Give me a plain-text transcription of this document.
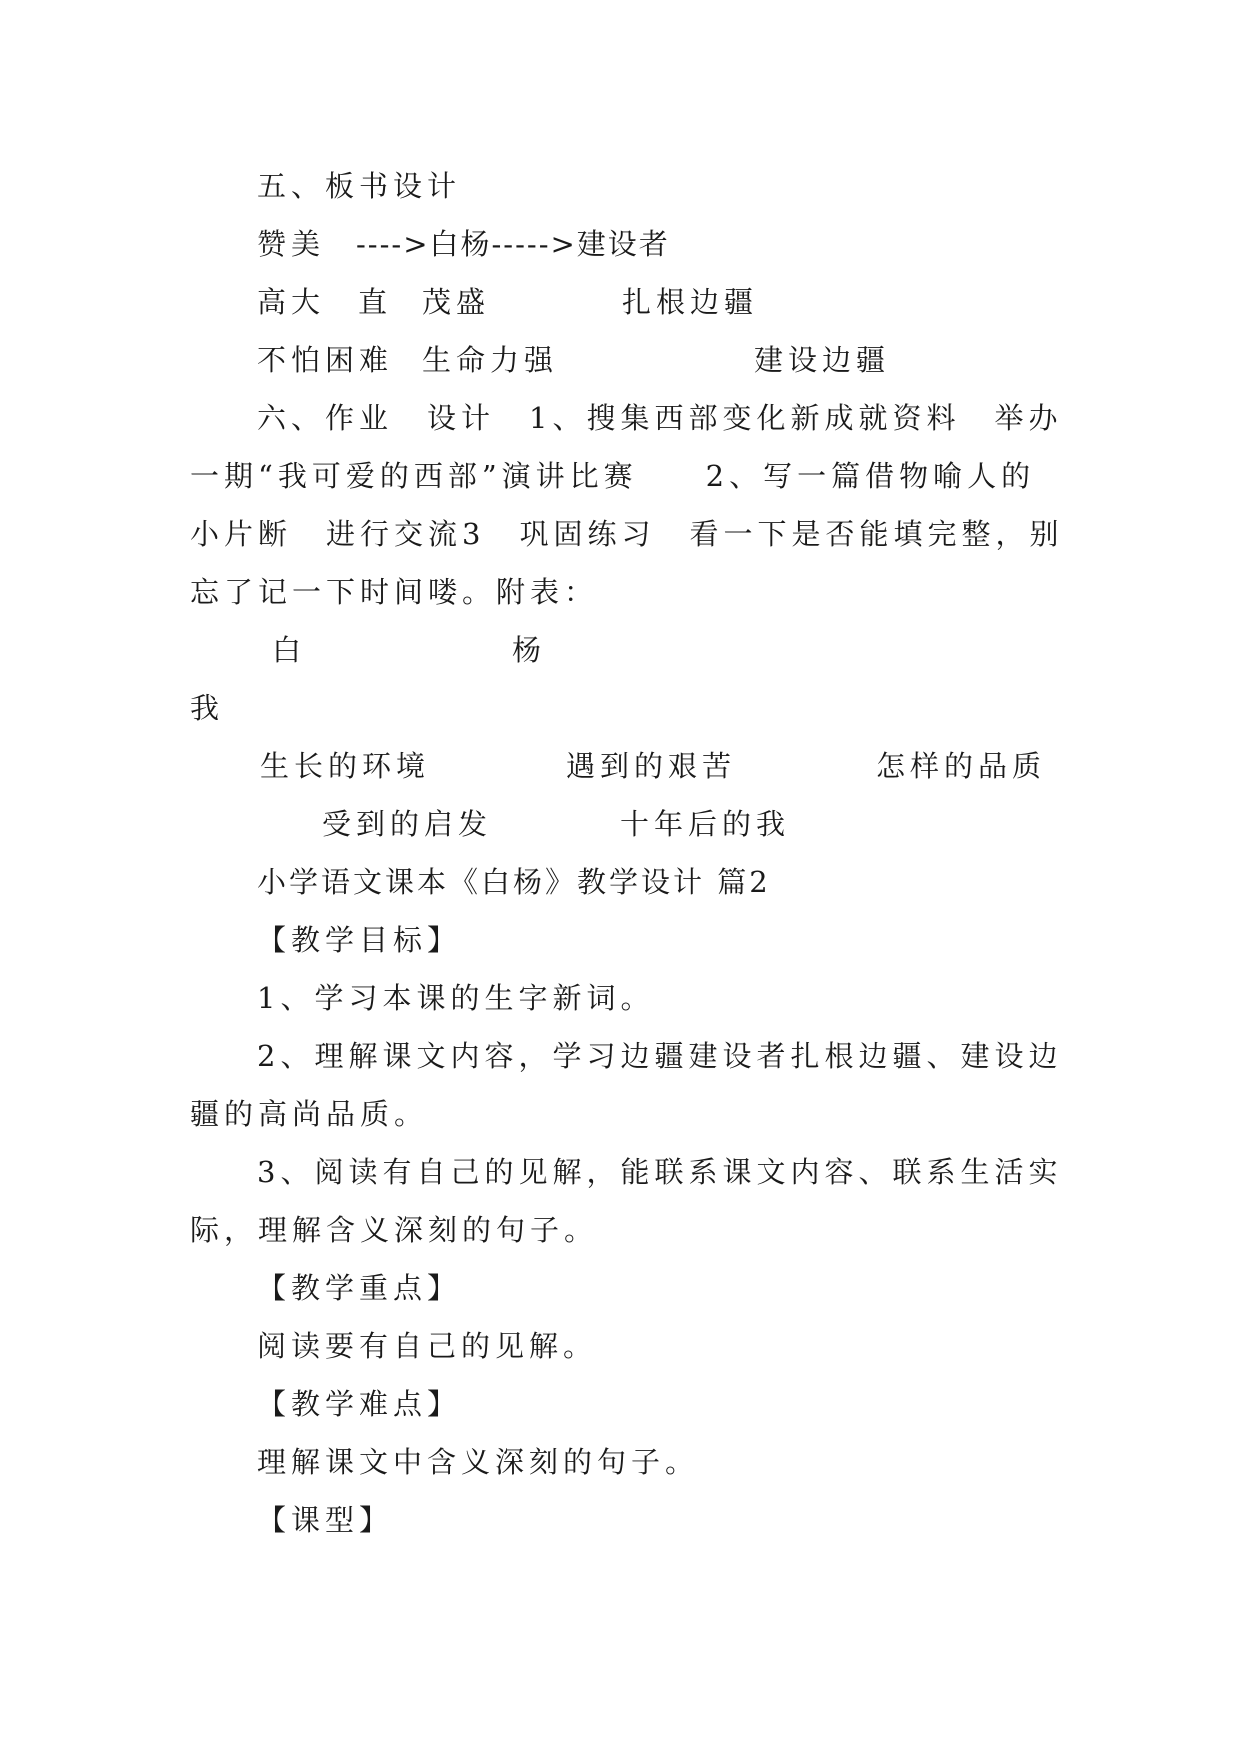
五、板书设计
赞美 ---->白杨----->建设者
高大 直 茂盛	扎根边疆
不怕困难 生命力强	建设边疆
六、作业　设计　1、搜集西部变化新成就资料　举办
一期“我可爱的西部”演讲比赛　　2、写一篇借物喻人的
小片断　进行交流3　巩固练习　看一下是否能填完整，别
忘了记一下时间喽。附表：
白	杨
我
生长的环境	遇到的艰苦	怎样的品质
受到的启发	十年后的我
小学语文课本《白杨》教学设计 篇2
【教学目标】
1、学习本课的生字新词。
2、理解课文内容，学习边疆建设者扎根边疆、建设边
疆的高尚品质。
3、阅读有自己的见解，能联系课文内容、联系生活实
际，理解含义深刻的句子。
【教学重点】
阅读要有自己的见解。
【教学难点】
理解课文中含义深刻的句子。
【课型】
